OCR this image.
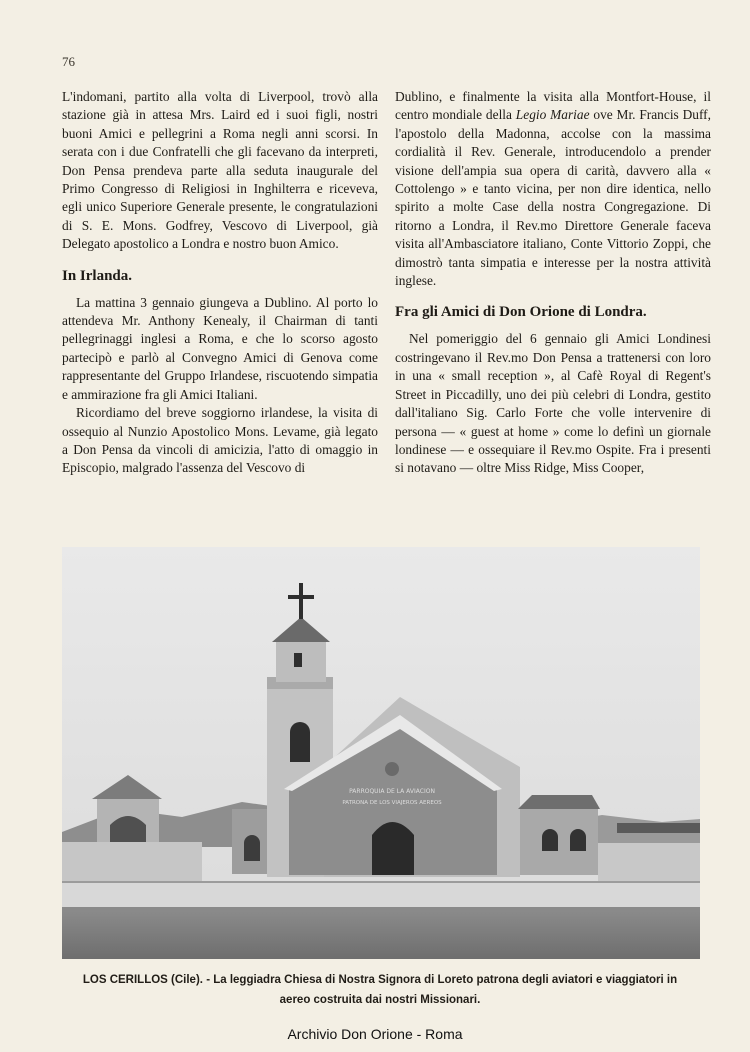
76

L'indomani, partito alla volta di Liverpool, trovò alla stazione già in attesa Mrs. Laird ed i suoi figli, nostri buoni Amici e pellegrini a Roma negli anni scorsi. In serata con i due Confratelli che gli facevano da interpreti, Don Pensa prendeva parte alla seduta inaugurale del Primo Congresso di Religiosi in Inghilterra e riceveva, egli unico Superiore Generale presente, le congratulazioni di S. E. Mons. Godfrey, Vescovo di Liverpool, già Delegato apostolico a Londra e nostro buon Amico.

In Irlanda.

La mattina 3 gennaio giungeva a Dublino. Al porto lo attendeva Mr. Anthony Kenealy, il Chairman di tanti pellegrinaggi inglesi a Roma, e che lo scorso agosto partecipò e parlò al Convegno Amici di Genova come rappresentante del Gruppo Irlandese, riscuotendo simpatia e ammirazione fra gli Amici Italiani.

Ricordiamo del breve soggiorno irlandese, la visita di ossequio al Nunzio Apostolico Mons. Levame, già legato a Don Pensa da vincoli di amicizia, l'atto di omaggio in Episcopio, malgrado l'assenza del Vescovo di

Dublino, e finalmente la visita alla Montfort-House, il centro mondiale della Legio Mariae ove Mr. Francis Duff, l'apostolo della Madonna, accolse con la massima cordialità il Rev. Generale, introducendolo a prender visione dell'ampia sua opera di carità, davvero alla « Cottolengo » e tanto vicina, per non dire identica, nello spirito a molte Case della nostra Congregazione. Di ritorno a Londra, il Rev.mo Direttore Generale faceva visita all'Ambasciatore italiano, Conte Vittorio Zoppi, che dimostrò tanta simpatia e interesse per la nostra attività inglese.

Fra gli Amici di Don Orione di Londra.

Nel pomeriggio del 6 gennaio gli Amici Londinesi costringevano il Rev.mo Don Pensa a trattenersi con loro in una « small reception », al Cafè Royal di Regent's Street in Piccadilly, uno dei più celebri di Londra, gestito dall'italiano Sig. Carlo Forte che volle intervenire di persona — « guest at home » come lo definì un giornale londinese — e ossequiare il Rev.mo Ospite. Fra i presenti si notavano — oltre Miss Ridge, Miss Cooper,

PARROQUIA DE LA AVIACION
PATRONA DE LOS VIAJEROS AEREOS
LOS CERILLOS (Cile). - La leggiadra Chiesa di Nostra Signora di Loreto patrona degli aviatori e viaggiatori in aereo costruita dai nostri Missionari.
Archivio Don Orione - Roma
